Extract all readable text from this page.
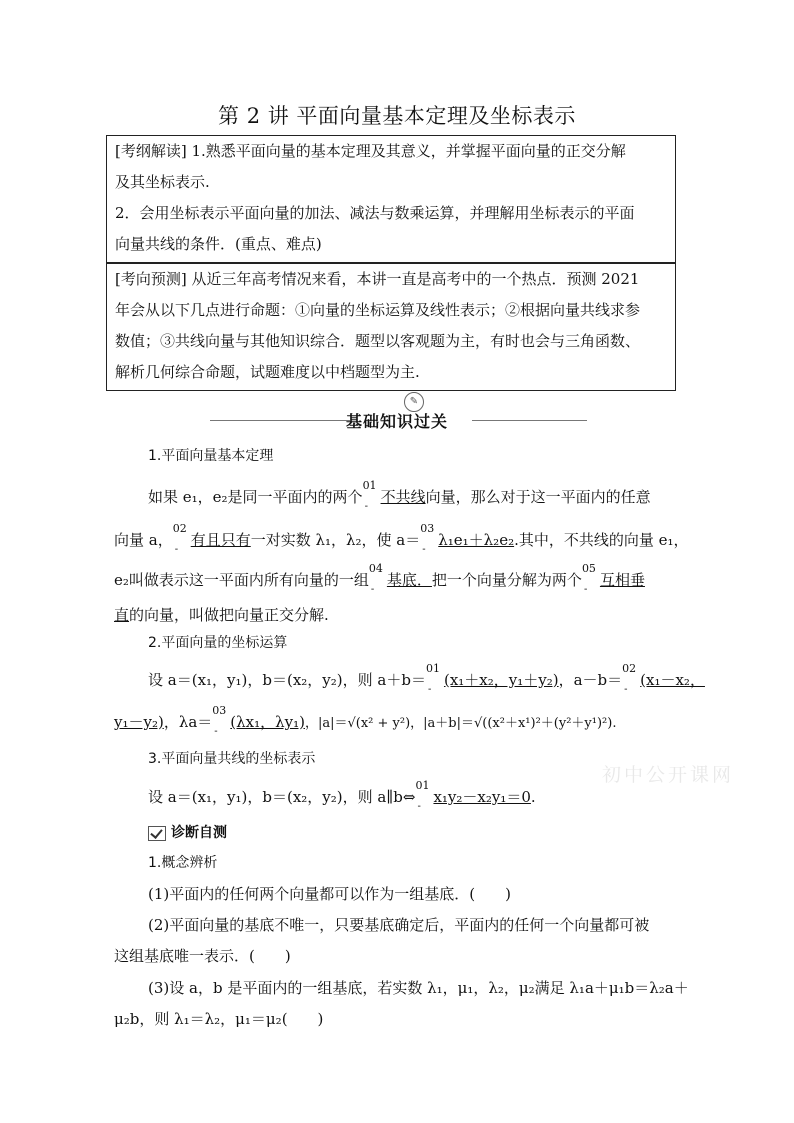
第 2 讲 平面向量基本定理及坐标表示
[考纲解读] 1.熟悉平面向量的基本定理及其意义，并掌握平面向量的正交分解
及其坐标表示.
2．会用坐标表示平面向量的加法、减法与数乘运算，并理解用坐标表示的平面
向量共线的条件．(重点、难点)
[考向预测] 从近三年高考情况来看，本讲一直是高考中的一个热点．预测 2021
年会从以下几点进行命题：①向量的坐标运算及线性表示；②根据向量共线求参
数值；③共线向量与其他知识综合．题型以客观题为主，有时也会与三角函数、
解析几何综合命题，试题难度以中档题型为主.
✎
基础知识过关
1.平面向量基本定理
如果 e₁，e₂是同一平面内的两个
01
-
不共线向量，那么对于这一平面内的任意
向量 a，
02
-
有且只有一对实数 λ₁，λ₂，使 a＝
03
-
λ₁e₁＋λ₂e₂.其中，不共线的向量 e₁，
e₂叫做表示这一平面内所有向量的一组
04
-
基底．把一个向量分解为两个
05
-
互相垂
直的向量，叫做把向量正交分解.
2.平面向量的坐标运算
设 a＝(x₁，y₁)，b＝(x₂，y₂)，则 a＋b＝
01
-
(x₁＋x₂，y₁＋y₂)，a－b＝
02
-
(x₁－x₂，
y₁－y₂)，λa＝
03
-
(λx₁，λy₁)，|a|＝√(x² + y²)，|a＋b|＝√((x²＋x¹)²＋(y²＋y¹)²).
3.平面向量共线的坐标表示
设 a＝(x₁，y₁)，b＝(x₂，y₂)，则 a∥b⇔
01
-
x₁y₂－x₂y₁＝0.
初中公开课网
诊断自测
1.概念辨析
(1)平面内的任何两个向量都可以作为一组基底．(　　)
(2)平面向量的基底不唯一，只要基底确定后，平面内的任何一个向量都可被
这组基底唯一表示．(　　)
(3)设 a，b 是平面内的一组基底，若实数 λ₁，μ₁，λ₂，μ₂满足 λ₁a＋μ₁b＝λ₂a＋
μ₂b，则 λ₁＝λ₂，μ₁＝μ₂(　　)
